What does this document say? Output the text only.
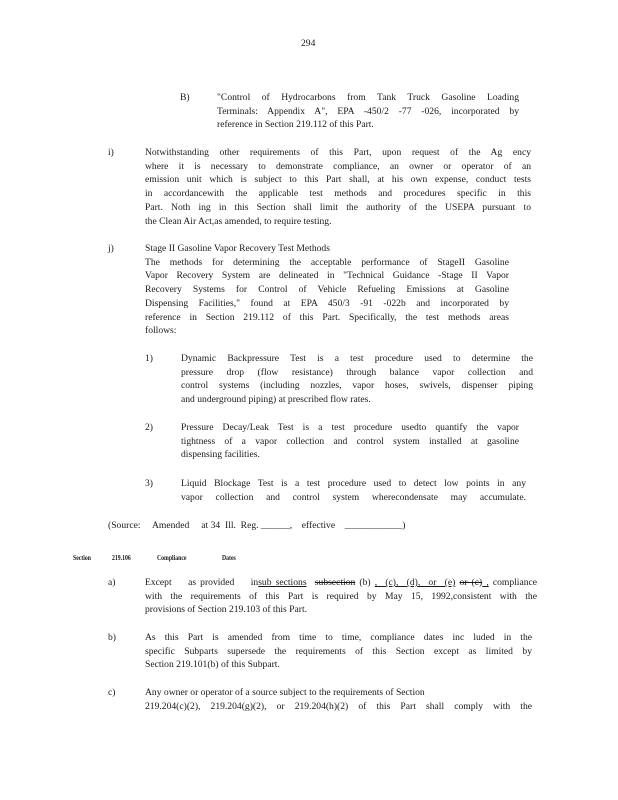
294
B)	"Control of Hydrocarbons from Tank Truck Gasoline Loading
Terminals: Appendix A", EPA -450/2 -77 -026, incorporated by
reference in Section 219.112 of this Part.
i)	Notwithstanding other requirements of this Part, upon request of the Ag ency
where it is necessary to demonstrate compliance, an owner or operator of an
emission unit which is subject to this Part shall, at his own expense, conduct tests
in accordancewith the applicable test methods and procedures specific in this
Part. Noth ing in this Section shall limit the authority of the USEPA pursuant to
the Clean Air Act,as amended, to require testing.
j)	Stage II Gasoline Vapor Recovery Test Methods
The methods for determining the acceptable performance of StageII Gasoline
Vapor Recovery System are delineated in "Technical Guidance -Stage II Vapor
Recovery Systems for Control of Vehicle Refueling Emissions at Gasoline
Dispensing Facilities," found at EPA 450/3 -91 -022b and incorporated by
reference in Section 219.112 of this Part. Specifically, the test methods areas
follows:
1)	Dynamic Backpressure Test is a test procedure used to determine the
pressure drop (flow resistance) through balance vapor collection and
control systems (including nozzles, vapor hoses, swivels, dispenser piping
and underground piping) at prescribed flow rates.
2)	Pressure Decay/Leak Test is a test procedure usedto quantify the vapor
tightness of a vapor collection and control system installed at gasoline
dispensing facilities.
3)	Liquid Blockage Test is a test procedure used to detect low points in any
vapor collection and control system wherecondensate may accumulate.
(Source:     Amended     at 34  Ill.  Reg. ______,    effective ____________)
Section	219.106	Compliance	Dates
a)	Except    as provided    insub sections subsection (b) ,  (c),  (d),  or  (e) or (c) , compliance
with the requirements of this Part is required by May 15, 1992,consistent with the
provisions of Section 219.103 of this Part.
b)	As this Part is amended from time to time, compliance dates inc luded in the
specific Subparts supersede the requirements of this Section except as limited by
Section 219.101(b) of this Subpart.
c)	Any owner or operator of a source subject to the requirements of Section
219.204(c)(2), 219.204(g)(2), or 219.204(h)(2) of this Part shall comply with the
